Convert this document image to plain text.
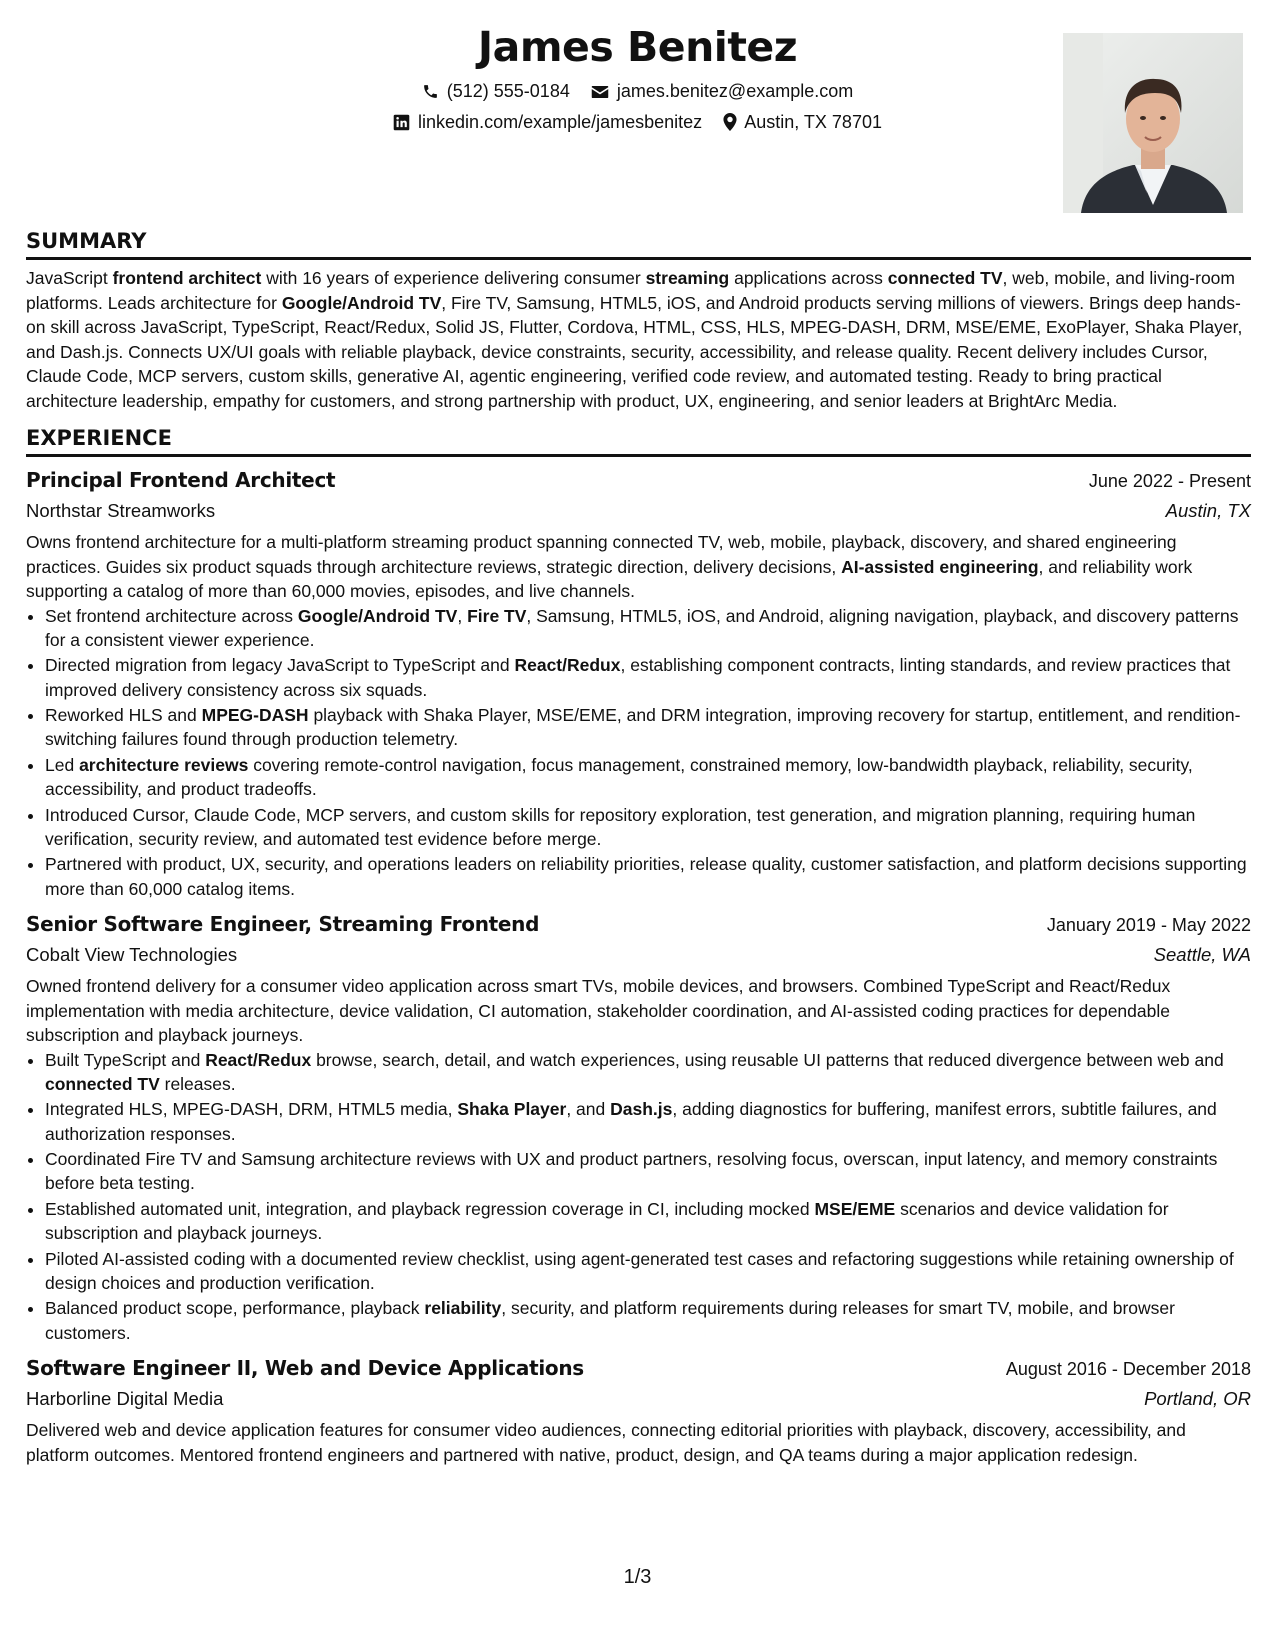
James Benitez
(512) 555-0184	james.benitez@example.com
linkedin.com/example/jamesbenitez Austin, TX 78701
SUMMARY

JavaScript frontend architect with 16 years of experience delivering consumer streaming applications across connected TV, web, mobile, and living-room platforms. Leads architecture for Google/Android TV, Fire TV, Samsung, HTML5, iOS, and Android products serving millions of viewers. Brings deep hands-on skill across JavaScript, TypeScript, React/Redux, Solid JS, Flutter, Cordova, HTML, CSS, HLS, MPEG-DASH, DRM, MSE/EME, ExoPlayer, Shaka Player, and Dash.js. Connects UX/UI goals with reliable playback, device constraints, security, accessibility, and release quality. Recent delivery includes Cursor, Claude Code, MCP servers, custom skills, generative AI, agentic engineering, verified code review, and automated testing. Ready to bring practical architecture leadership, empathy for customers, and strong partnership with product, UX, engineering, and senior leaders at BrightArc Media.

EXPERIENCE
Principal Frontend Architect	June 2022 - Present
Northstar Streamworks	Austin, TX

Owns frontend architecture for a multi-platform streaming product spanning connected TV, web, mobile, playback, discovery, and shared engineering practices. Guides six product squads through architecture reviews, strategic direction, delivery decisions, AI-assisted engineering, and reliability work supporting a catalog of more than 60,000 movies, episodes, and live channels.

• Set frontend architecture across Google/Android TV, Fire TV, Samsung, HTML5, iOS, and Android, aligning navigation, playback, and discovery patterns for a consistent viewer experience.
• Directed migration from legacy JavaScript to TypeScript and React/Redux, establishing component contracts, linting standards, and review practices that improved delivery consistency across six squads.
• Reworked HLS and MPEG-DASH playback with Shaka Player, MSE/EME, and DRM integration, improving recovery for startup, entitlement, and rendition-switching failures found through production telemetry.
• Led architecture reviews covering remote-control navigation, focus management, constrained memory, low-bandwidth playback, reliability, security, accessibility, and product tradeoffs.
• Introduced Cursor, Claude Code, MCP servers, and custom skills for repository exploration, test generation, and migration planning, requiring human verification, security review, and automated test evidence before merge.
• Partnered with product, UX, security, and operations leaders on reliability priorities, release quality, customer satisfaction, and platform decisions supporting more than 60,000 catalog items.
Senior Software Engineer, Streaming Frontend	January 2019 - May 2022
Cobalt View Technologies	Seattle, WA

Owned frontend delivery for a consumer video application across smart TVs, mobile devices, and browsers. Combined TypeScript and React/Redux implementation with media architecture, device validation, CI automation, stakeholder coordination, and AI-assisted coding practices for dependable subscription and playback journeys.

• Built TypeScript and React/Redux browse, search, detail, and watch experiences, using reusable UI patterns that reduced divergence between web and connected TV releases.
• Integrated HLS, MPEG-DASH, DRM, HTML5 media, Shaka Player, and Dash.js, adding diagnostics for buffering, manifest errors, subtitle failures, and authorization responses.
• Coordinated Fire TV and Samsung architecture reviews with UX and product partners, resolving focus, overscan, input latency, and memory constraints before beta testing.
• Established automated unit, integration, and playback regression coverage in CI, including mocked MSE/EME scenarios and device validation for subscription and playback journeys.
• Piloted AI-assisted coding with a documented review checklist, using agent-generated test cases and refactoring suggestions while retaining ownership of design choices and production verification.
• Balanced product scope, performance, playback reliability, security, and platform requirements during releases for smart TV, mobile, and browser customers.
Software Engineer II, Web and Device Applications	August 2016 - December 2018
Harborline Digital Media	Portland, OR

Delivered web and device application features for consumer video audiences, connecting editorial priorities with playback, discovery, accessibility, and platform outcomes. Mentored frontend engineers and partnered with native, product, design, and QA teams during a major application redesign.

1/3
